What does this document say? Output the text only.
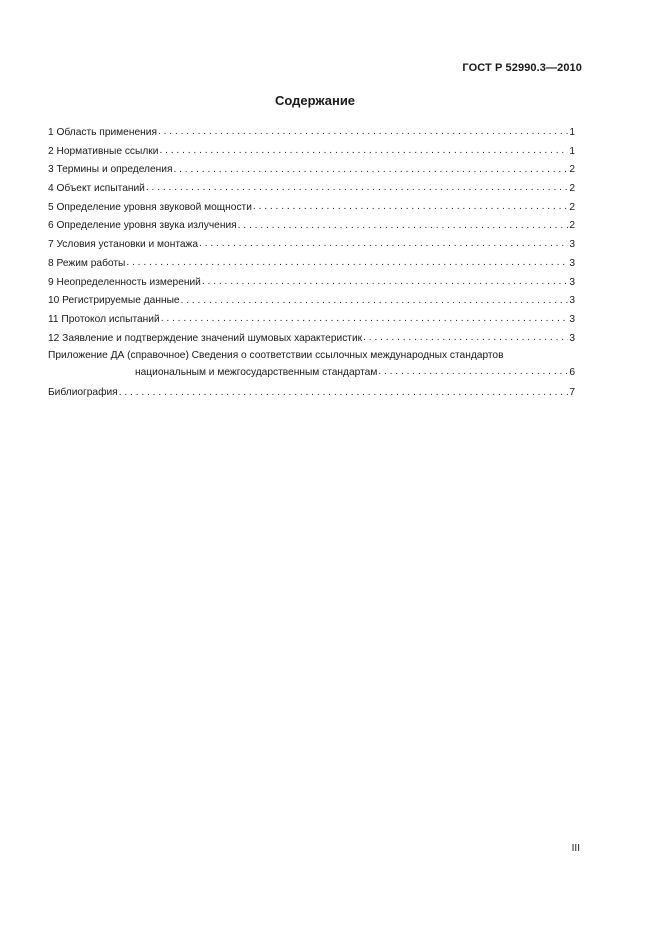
ГОСТ Р 52990.3—2010
Содержание
1 Область применения . . .	1
2 Нормативные ссылки . . .	1
3 Термины и определения . . .	2
4 Объект испытаний . . .	2
5 Определение уровня звуковой мощности . . .	2
6 Определение уровня звука излучения . . .	2
7 Условия установки и монтажа . . .	3
8 Режим работы . . .	3
9 Неопределенность измерений . . .	3
10 Регистрируемые данные . . .	3
11 Протокол испытаний . . .	3
12 Заявление и подтверждение значений шумовых характеристик . . .	3
Приложение ДА (справочное) Сведения о соответствии ссылочных международных стандартов
национальным и межгосударственным стандартам . . .	6
Библиография . . .	7
III
